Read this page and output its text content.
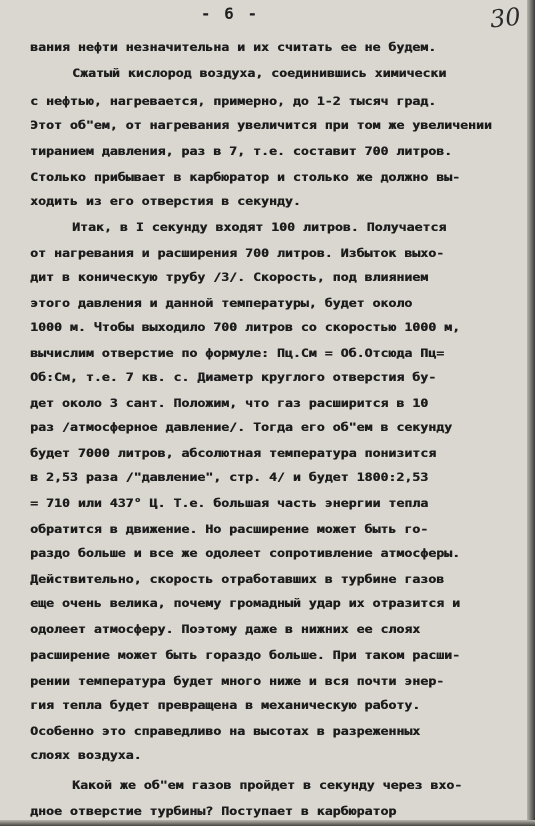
- 6 -	30
вания нефти незначительна и их считать ее не будем.
Сжатый кислород воздуха, соединившись химически
с нефтью, нагревается, примерно, до 1-2 тысяч град.
Этот об"ем, от нагревания увеличится при том же увеличении
тиранием давления, раз в 7, т.е. составит 700 литров.
Столько прибывает в карбюратор и столько же должно вы-
ходить из его отверстия в секунду.
Итак, в I секунду входят 100 литров. Получается
от нагревания и расширения 700 литров. Избыток выхо-
дит в коническую трубу /3/. Скорость, под влиянием
этого давления и данной температуры, будет около
1000 м. Чтобы выходило 700 литров со скоростью 1000 м,
вычислим отверстие по формуле: Пц.См = Об.Отсюда Пц=
Об:См, т.е. 7 кв. с. Диаметр круглого отверстия бу-
дет около 3 сант. Положим, что газ расширится в 10
раз /атмосферное давление/. Тогда его об"ем в секунду
будет 7000 литров, абсолютная температура понизится
в 2,53 раза /"давление", стр. 4/ и будет 1800:2,53
= 710 или 437° Ц. Т.е. большая часть энергии тепла
обратится в движение. Но расширение может быть го-
раздо больше и все же одолеет сопротивление атмосферы.
Действительно, скорость отработавших в турбине газов
еще очень велика, почему громадный удар их отразится и
одолеет атмосферу. Поэтому даже в нижних ее слоях
расширение может быть гораздо больше. При таком расши-
рении температура будет много ниже и вся почти энер-
гия тепла будет превращена в механическую работу.
Особенно это справедливо на высотах в разреженных
слоях воздуха.
Какой же об"ем газов пройдет в секунду через вхо-
дное отверстие турбины? Поступает в карбюратор
